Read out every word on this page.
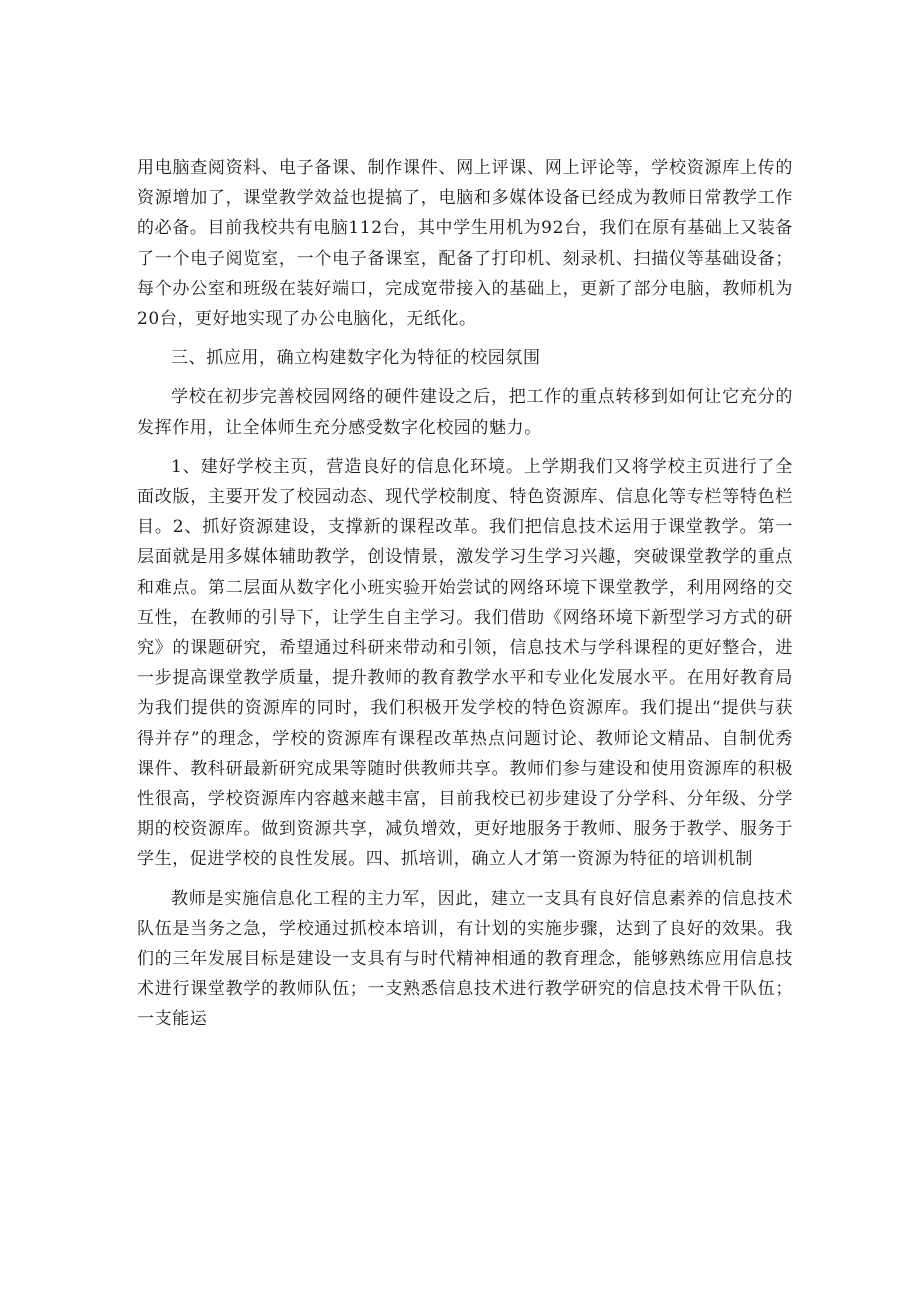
用电脑查阅资料、电子备课、制作课件、网上评课、网上评论等，学校资源库上传的资源增加了，课堂教学效益也提搞了，电脑和多媒体设备已经成为教师日常教学工作的必备。目前我校共有电脑112台，其中学生用机为92台，我们在原有基础上又装备了一个电子阅览室，一个电子备课室，配备了打印机、刻录机、扫描仪等基础设备；每个办公室和班级在装好端口，完成宽带接入的基础上，更新了部分电脑，教师机为20台，更好地实现了办公电脑化，无纸化。

三、抓应用，确立构建数字化为特征的校园氛围

学校在初步完善校园网络的硬件建设之后，把工作的重点转移到如何让它充分的发挥作用，让全体师生充分感受数字化校园的魅力。

1、建好学校主页，营造良好的信息化环境。上学期我们又将学校主页进行了全面改版，主要开发了校园动态、现代学校制度、特色资源库、信息化等专栏等特色栏目。2、抓好资源建设，支撑新的课程改革。我们把信息技术运用于课堂教学。第一层面就是用多媒体辅助教学，创设情景，激发学习生学习兴趣，突破课堂教学的重点和难点。第二层面从数字化小班实验开始尝试的网络环境下课堂教学，利用网络的交互性，在教师的引导下，让学生自主学习。我们借助《网络环境下新型学习方式的研究》的课题研究，希望通过科研来带动和引领，信息技术与学科课程的更好整合，进一步提高课堂教学质量，提升教师的教育教学水平和专业化发展水平。在用好教育局为我们提供的资源库的同时，我们积极开发学校的特色资源库。我们提出“提供与获得并存”的理念，学校的资源库有课程改革热点问题讨论、教师论文精品、自制优秀课件、教科研最新研究成果等随时供教师共享。教师们参与建设和使用资源库的积极性很高，学校资源库内容越来越丰富，目前我校已初步建设了分学科、分年级、分学期的校资源库。做到资源共享，减负增效，更好地服务于教师、服务于教学、服务于学生，促进学校的良性发展。四、抓培训，确立人才第一资源为特征的培训机制

教师是实施信息化工程的主力军，因此，建立一支具有良好信息素养的信息技术队伍是当务之急，学校通过抓校本培训，有计划的实施步骤，达到了良好的效果。我们的三年发展目标是建设一支具有与时代精神相通的教育理念，能够熟练应用信息技术进行课堂教学的教师队伍；一支熟悉信息技术进行教学研究的信息技术骨干队伍；一支能运
